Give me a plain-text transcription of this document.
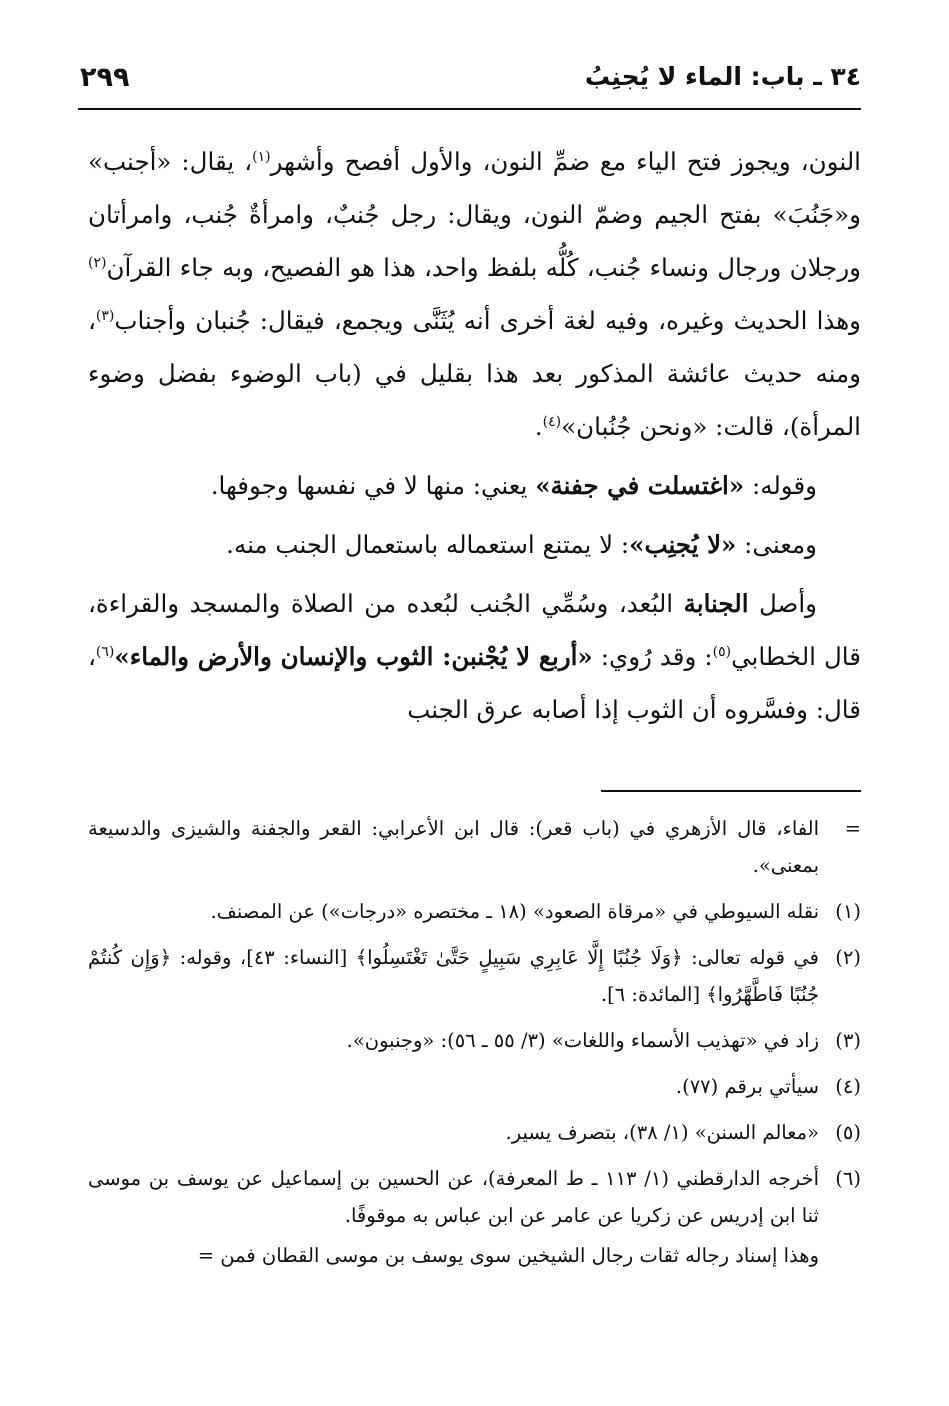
٣٤ ـ باب: الماء لا يُجنِبُ
٢٩٩

النون، ويجوز فتح الياء مع ضمِّ النون، والأول أفصح وأشهر$^{(١)}$، يقال: «أجنب» و«جَنُبَ» بفتح الجيم وضمّ النون، ويقال: رجل جُنبٌ، وامرأةٌ جُنب، وامرأتان ورجلان ورجال ونساء جُنب، كُلُّه بلفظ واحد، هذا هو الفصيح، وبه جاء القرآن$^{(٢)}$ وهذا الحديث وغيره، وفيه لغة أخرى أنه يُثَنَّى ويجمع، فيقال: جُنبان وأجناب$^{(٣)}$، ومنه حديث عائشة المذكور بعد هذا بقليل في (باب الوضوء بفضل وضوء المرأة)، قالت: «ونحن جُنُبان»$^{(٤)}$.

وقوله: «اغتسلت في جفنة» يعني: منها لا في نفسها وجوفها.

ومعنى: «لا يُجنِب»: لا يمتنع استعماله باستعمال الجنب منه.

وأصل الجنابة البُعد، وسُمِّي الجُنب لبُعده من الصلاة والمسجد والقراءة، قال الخطابي$^{(٥)}$: وقد رُوي: «أربع لا يُجْنبن: الثوب والإنسان والأرض والماء»$^{(٦)}$، قال: وفسَّروه أن الثوب إذا أصابه عرق الجنب

=
الفاء، قال الأزهري في (باب قعر): قال ابن الأعرابي: القعر والجفنة والشيزى والدسيعة بمعنى».
(١)
نقله السيوطي في «مرقاة الصعود» (١٨ ـ مختصره «درجات») عن المصنف.
(٢)
في قوله تعالى: ﴿وَلَا جُنُبًا إِلَّا عَابِرِي سَبِيلٍ حَتَّىٰ تَغْتَسِلُوا﴾ [النساء: ٤٣]، وقوله: ﴿وَإِن كُنتُمْ جُنُبًا فَاطَّهَّرُوا﴾ [المائدة: ٦].
(٣)
زاد في «تهذيب الأسماء واللغات» (٣/ ٥٥ ـ ٥٦): «وجنبون».
(٤)
سيأتي برقم (٧٧).
(٥)
«معالم السنن» (١/ ٣٨)، بتصرف يسير.
(٦)
أخرجه الدارقطني (١/ ١١٣ ـ ط المعرفة)، عن الحسين بن إسماعيل عن يوسف بن موسى ثنا ابن إدريس عن زكريا عن عامر عن ابن عباس به موقوفًا.
وهذا إسناد رجاله ثقات رجال الشيخين سوى يوسف بن موسى القطان فمن =
